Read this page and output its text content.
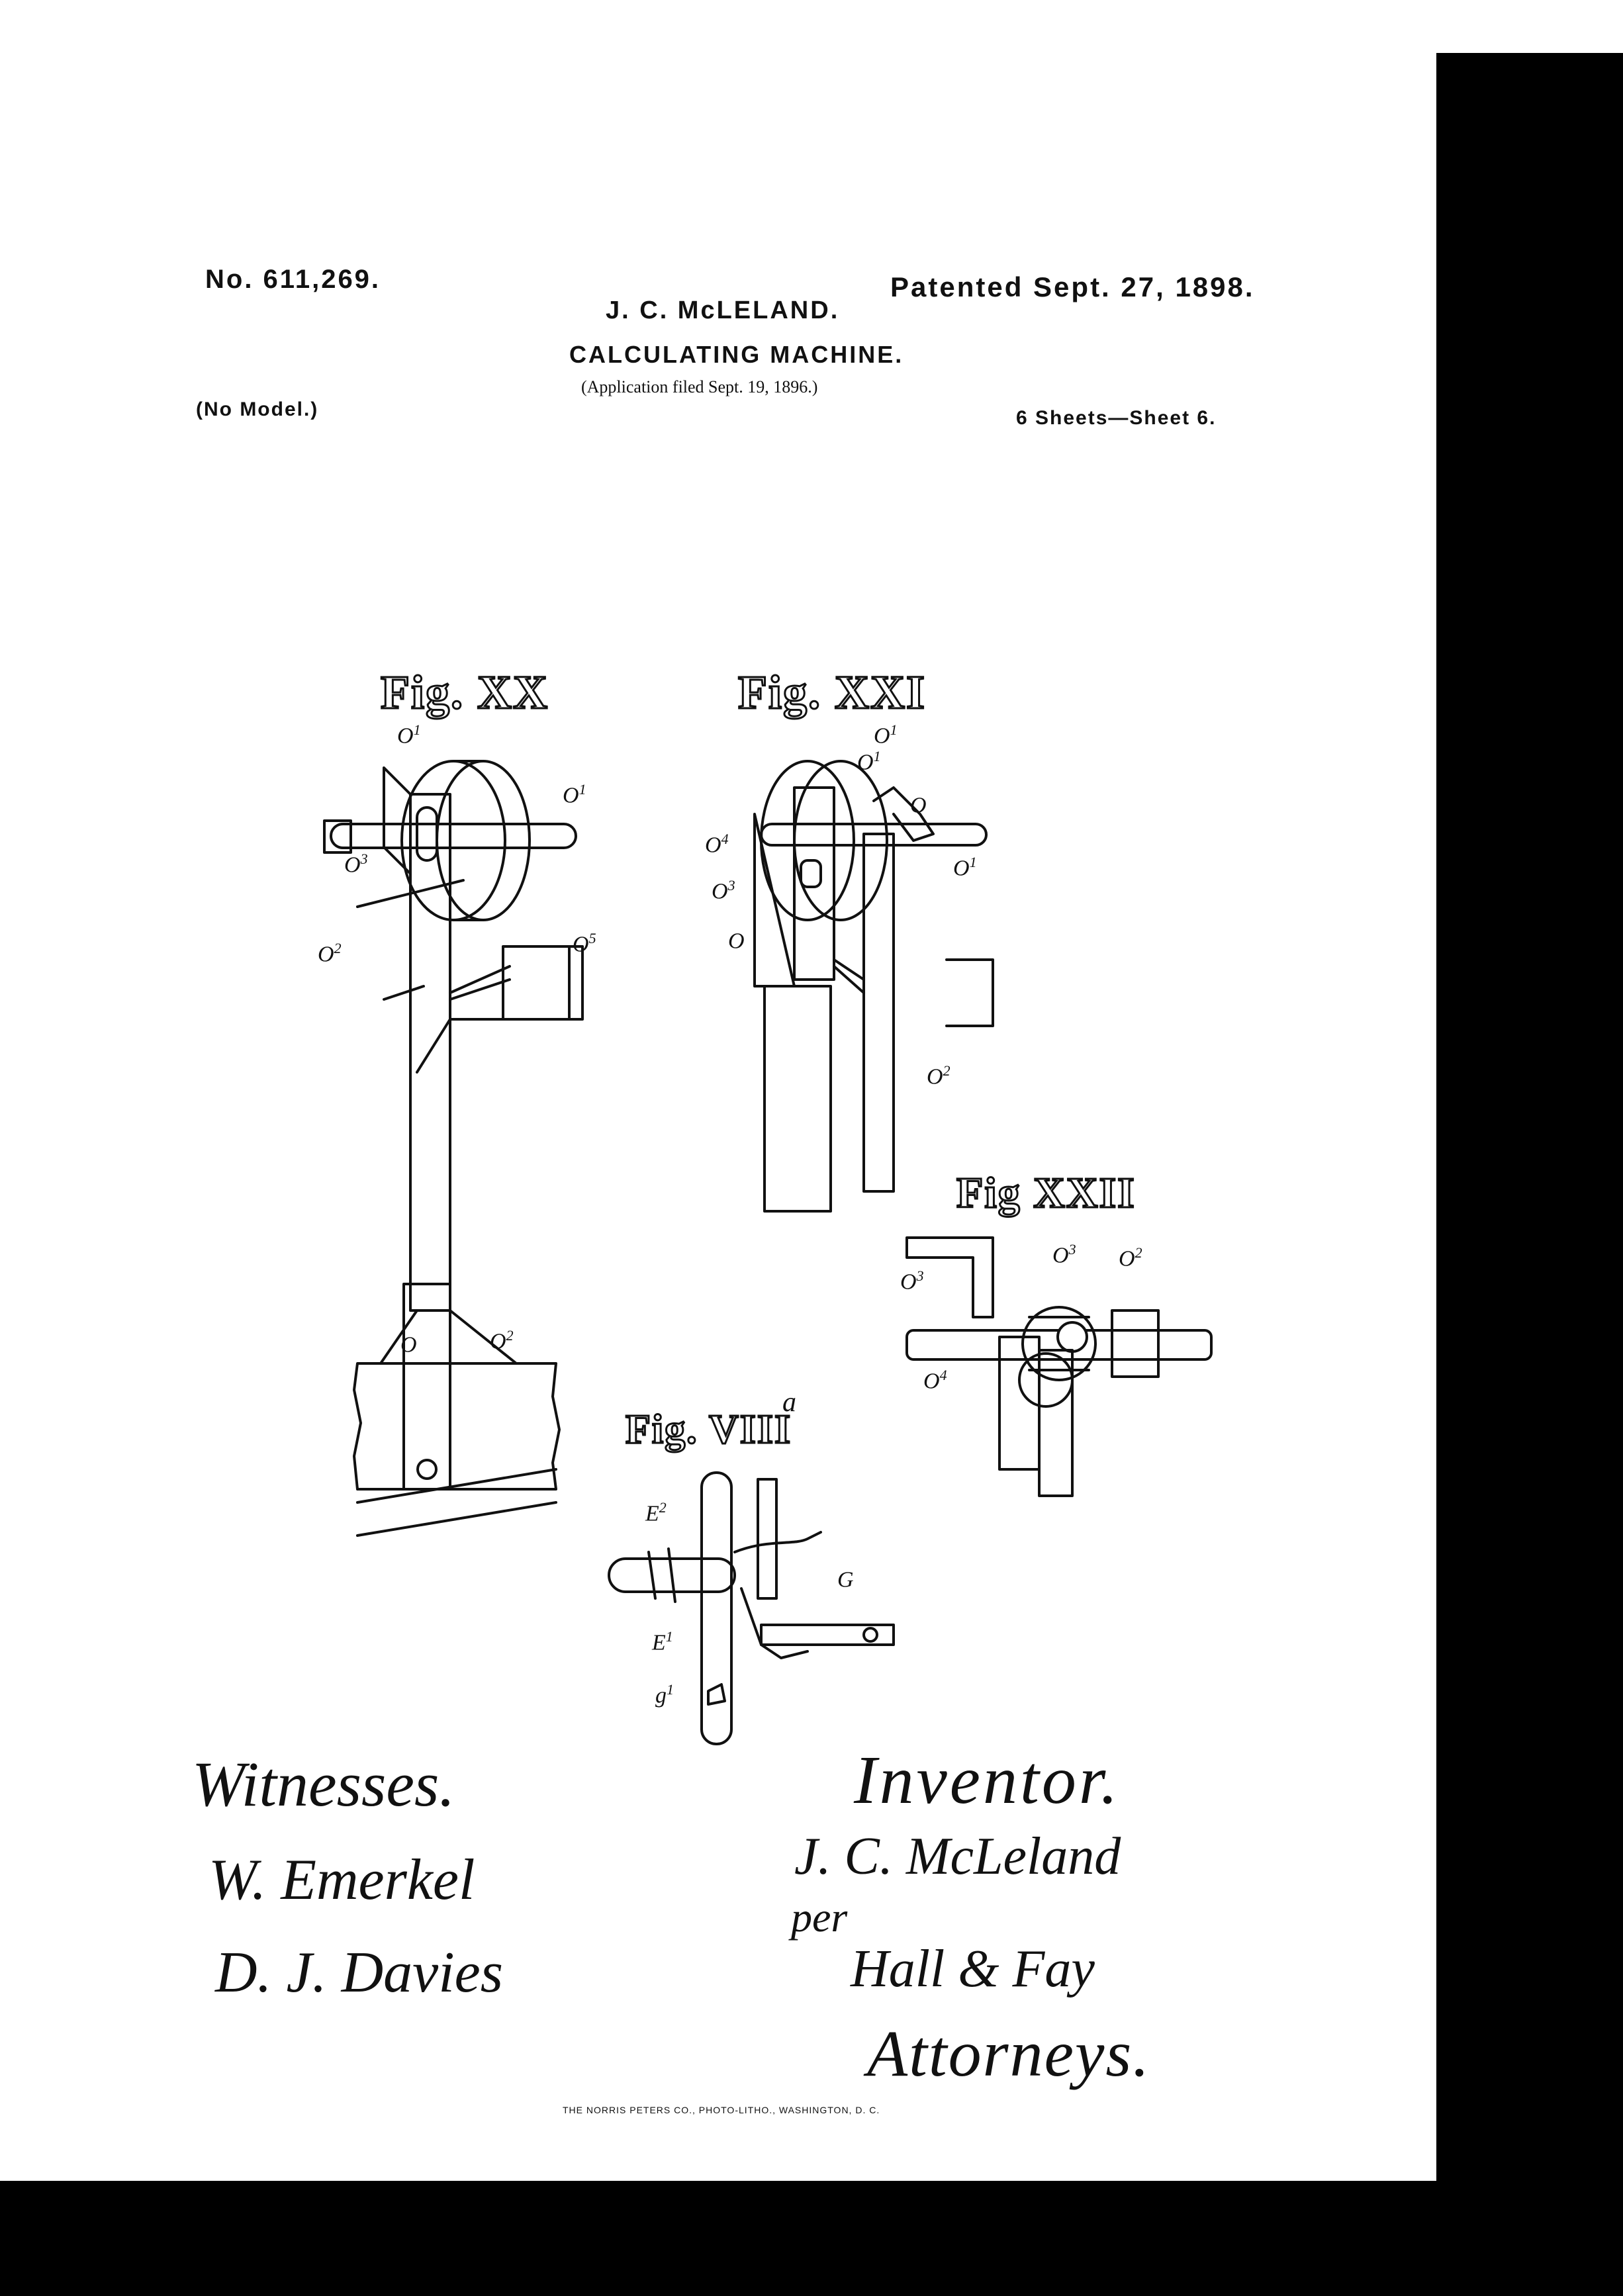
No. 611,269.	Patented Sept. 27, 1898.
J. C. McLELAND.
CALCULATING MACHINE.
(Application filed Sept. 19, 1896.)
(No Model.)	6 Sheets—Sheet 6.
Fig. XX
$O^1$
$O^1$
$O^3$
$O^2$	$O^5$
O	$O^2$
Fig. XXI
$O^1$
$O^1$
O
$O^4$
$O^3$
O
$O^1$
$O^2$
Fig XXII
$O^3$
$O^2$
$O^3$
$O^4$
Fig. VIII
a
$E^2$
G
$E^1$
$g^1$
Witnesses.
W. Emerkel
D. J. Davies
Inventor.
J. C. McLeland
per
Hall & Fay
Attorneys.
THE NORRIS PETERS CO., PHOTO-LITHO., WASHINGTON, D. C.
